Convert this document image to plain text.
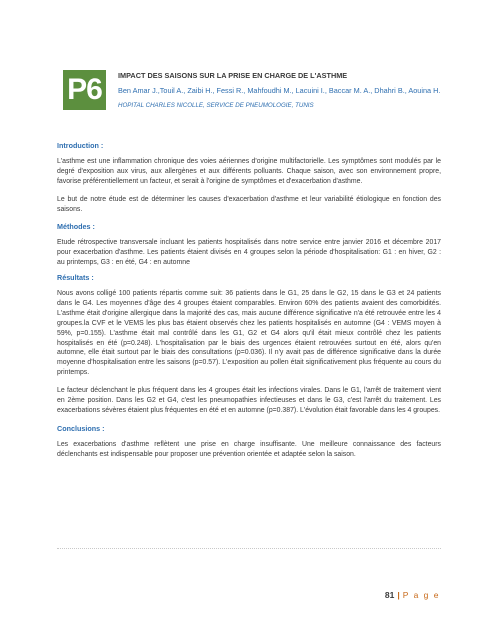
P6	IMPACT DES SAISONS SUR LA PRISE EN CHARGE DE L'ASTHME
Ben Amar J.,Touil A., Zaibi H., Fessi R., Mahfoudhi M., Lacuini I., Baccar M. A., Dhahri B., Aouina H.
HOPITAL CHARLES NICOLLE, SERVICE DE PNEUMOLOGIE, TUNIS
Introduction :

L'asthme est une inflammation chronique des voies aériennes d'origine multifactorielle. Les symptômes sont modulés par le degré d'exposition aux virus, aux allergènes et aux différents polluants. Chaque saison, avec son environnement propre, favorise préférentiellement un facteur, et serait à l'origine de symptômes et d'exacerbation d'asthme.

Le but de notre étude est de déterminer les causes d'exacerbation d'asthme et leur variabilité étiologique en fonction des saisons.

Méthodes :

Etude rétrospective transversale incluant les patients hospitalisés dans notre service entre janvier 2016 et décembre 2017 pour exacerbation d'asthme. Les patients étaient divisés en 4 groupes selon la période d'hospitalisation: G1 : en hiver, G2 : au printemps, G3 : en été, G4 : en automne

Résultats :

Nous avons colligé 100 patients répartis comme suit: 36 patients dans le G1, 25 dans le G2, 15 dans le G3 et 24 patients dans le G4. Les moyennes d'âge des 4 groupes étaient comparables. Environ 60% des patients avaient des comorbidités. L'asthme était d'origine allergique dans la majorité des cas, mais aucune différence significative n'a été retrouvée entre les 4 groupes.la CVF et le VEMS les plus bas étaient observés chez les patients hospitalisés en automne (G4 : VEMS moyen à 59%, p=0.155). L'asthme était mal contrôlé dans les G1, G2 et G4 alors qu'il était mieux contrôlé chez les patients hospitalisés en été (p=0.248). L'hospitalisation par le biais des urgences étaient retrouvées surtout en été, alors qu'en automne, elle était surtout par le biais des consultations (p=0.036). Il n'y avait pas de différence significative dans la durée moyenne d'hospitalisation entre les saisons (p=0.57). L'exposition au pollen était significativement plus fréquente au cours du printemps.

Le facteur déclenchant le plus fréquent dans les 4 groupes était les infections virales. Dans le G1, l'arrêt de traitement vient en 2ème position. Dans les G2 et G4, c'est les pneumopathies infectieuses et dans le G3, c'est l'arrêt du traitement. Les exacerbations sévères étaient plus fréquentes en été et en automne (p=0.387). L'évolution était favorable dans les 4 groupes.

Conclusions :

Les exacerbations d'asthme reflètent une prise en charge insuffisante. Une meilleure connaissance des facteurs déclenchants est indispensable pour proposer une prévention orientée et adaptée selon la saison.

81 | P a g e
